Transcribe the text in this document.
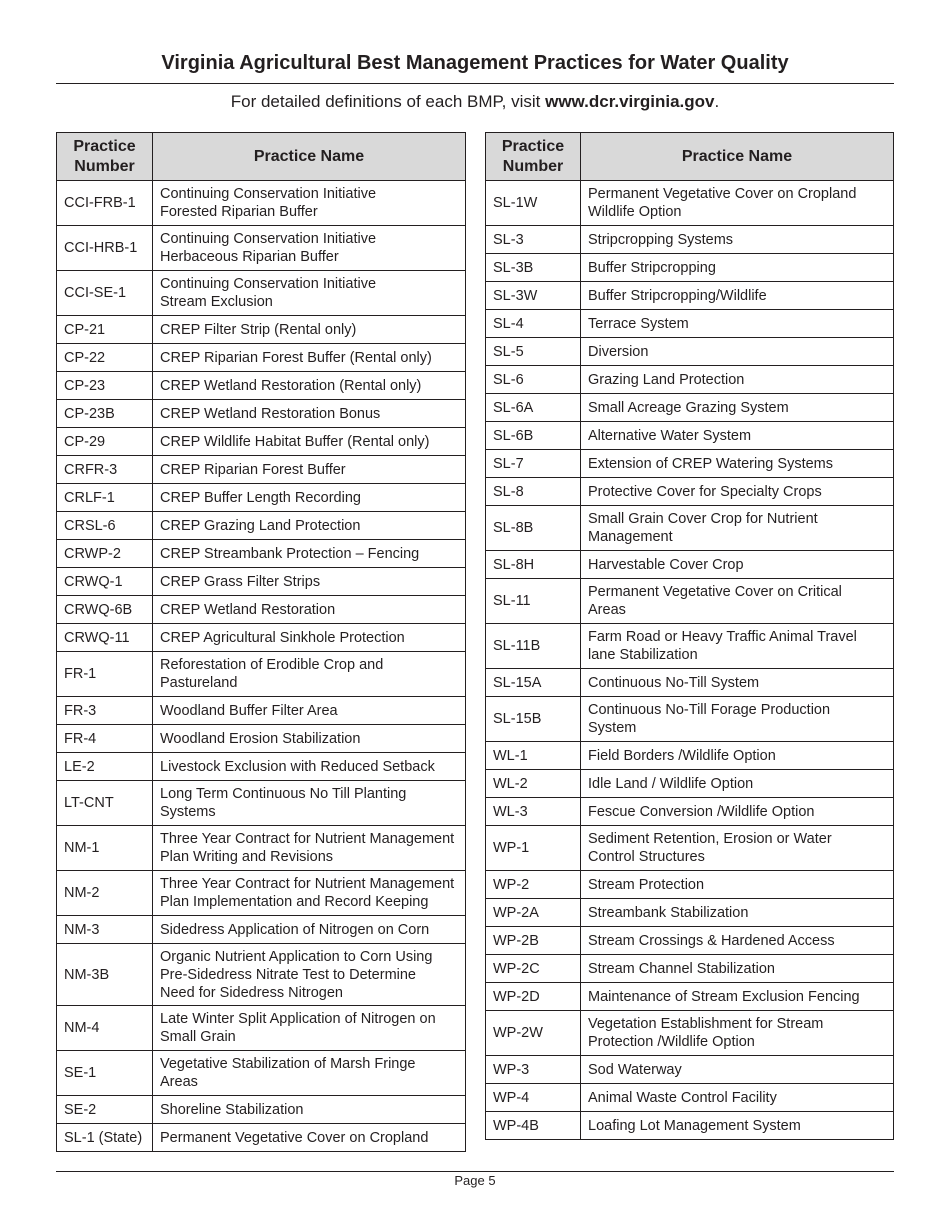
Virginia Agricultural Best Management Practices for Water Quality
For detailed definitions of each BMP, visit www.dcr.virginia.gov.
Practice Number	Practice Name
CCI-FRB-1	Continuing Conservation Initiative
Forested Riparian Buffer
CCI-HRB-1	Continuing Conservation Initiative
Herbaceous Riparian Buffer
CCI-SE-1	Continuing Conservation Initiative
Stream Exclusion
CP-21	CREP Filter Strip (Rental only)
CP-22	CREP Riparian Forest Buffer (Rental only)
CP-23	CREP Wetland Restoration (Rental only)
CP-23B	CREP Wetland Restoration Bonus
CP-29	CREP Wildlife Habitat Buffer (Rental only)
CRFR-3	CREP Riparian Forest Buffer
CRLF-1	CREP Buffer Length Recording
CRSL-6	CREP Grazing Land Protection
CRWP-2	CREP Streambank Protection – Fencing
CRWQ-1	CREP Grass Filter Strips
CRWQ-6B	CREP Wetland Restoration
CRWQ-11	CREP Agricultural Sinkhole Protection
FR-1	Reforestation of Erodible Crop and
Pastureland
FR-3	Woodland Buffer Filter Area
FR-4	Woodland Erosion Stabilization
LE-2	Livestock Exclusion with Reduced Setback
LT-CNT	Long Term Continuous No Till Planting
Systems
NM-1	Three Year Contract for Nutrient Management
Plan Writing and Revisions
NM-2	Three Year Contract for Nutrient Management
Plan Implementation and Record Keeping
NM-3	Sidedress Application of Nitrogen on Corn
NM-3B	Organic Nutrient Application to Corn Using
Pre-Sidedress Nitrate Test to Determine
Need for Sidedress Nitrogen
NM-4	Late Winter Split Application of Nitrogen on
Small Grain
SE-1	Vegetative Stabilization of Marsh Fringe
Areas
SE-2	Shoreline Stabilization
SL-1 (State)	Permanent Vegetative Cover on Cropland
Practice Number	Practice Name
SL-1W	Permanent Vegetative Cover on Cropland
Wildlife Option
SL-3	Stripcropping Systems
SL-3B	Buffer Stripcropping
SL-3W	Buffer Stripcropping/Wildlife
SL-4	Terrace System
SL-5	Diversion
SL-6	Grazing Land Protection
SL-6A	Small Acreage Grazing System
SL-6B	Alternative Water System
SL-7	Extension of CREP Watering Systems
SL-8	Protective Cover for Specialty Crops
SL-8B	Small Grain Cover Crop for Nutrient
Management
SL-8H	Harvestable Cover Crop
SL-11	Permanent Vegetative Cover on Critical
Areas
SL-11B	Farm Road or Heavy Traffic Animal Travel
lane Stabilization
SL-15A	Continuous No-Till System
SL-15B	Continuous No-Till Forage Production
System
WL-1	Field Borders /Wildlife Option
WL-2	Idle Land / Wildlife Option
WL-3	Fescue Conversion /Wildlife Option
WP-1	Sediment Retention, Erosion or Water
Control Structures
WP-2	Stream Protection
WP-2A	Streambank Stabilization
WP-2B	Stream Crossings & Hardened Access
WP-2C	Stream Channel Stabilization
WP-2D	Maintenance of Stream Exclusion Fencing
WP-2W	Vegetation Establishment for Stream
Protection /Wildlife Option
WP-3	Sod Waterway
WP-4	Animal Waste Control Facility
WP-4B	Loafing Lot Management System
Page 5
